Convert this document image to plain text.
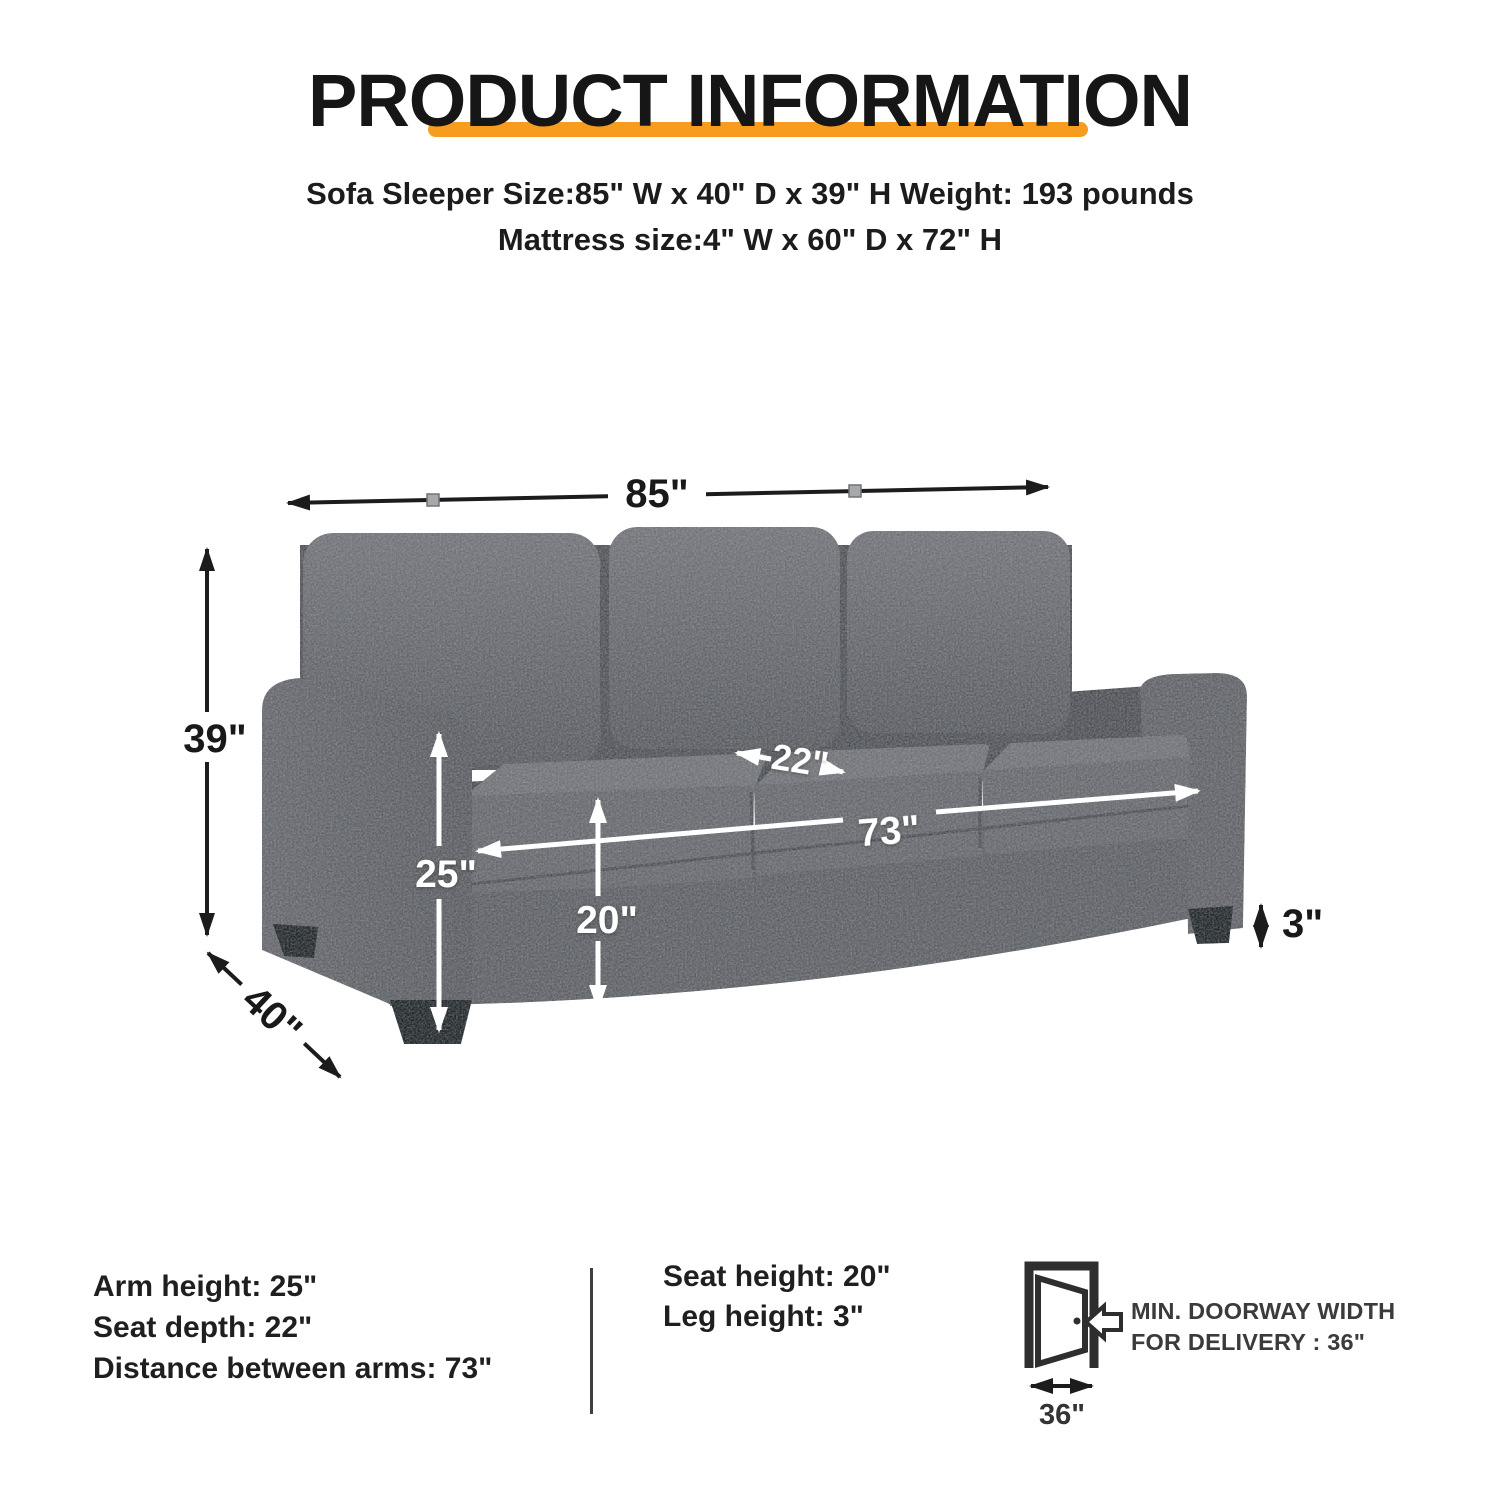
PRODUCT INFORMATION
Sofa Sleeper Size:85" W x 40" D x 39" H Weight: 193 pounds
Mattress size:4" W x 60" D x 72" H
85"
39"
40"
3"
25"
20"
22"
73"
36"
Arm height: 25"
Seat depth: 22"
Distance between arms: 73"
Seat height: 20"
Leg height: 3"	MIN. DOORWAY WIDTH
FOR DELIVERY : 36"
